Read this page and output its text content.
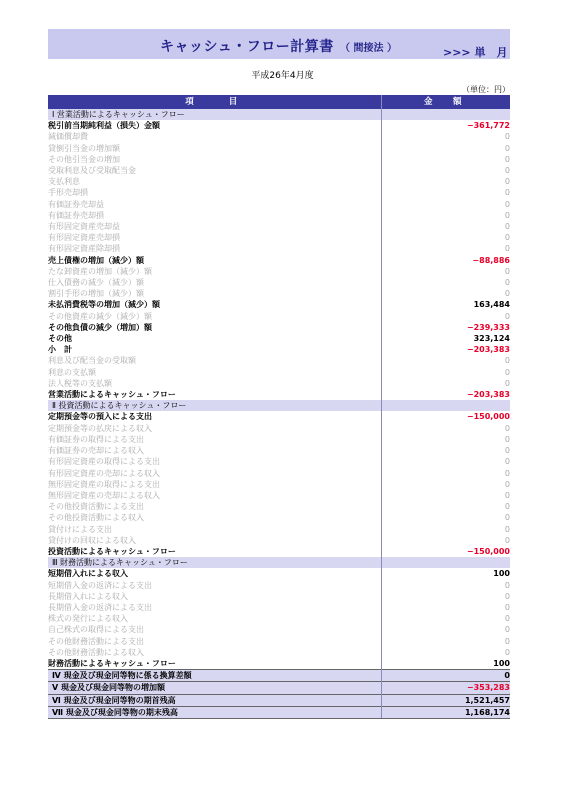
キャッシュ・フロー計算書 （ 間接法 ）	>>> 単　月
平成26年4月度
（単位：円）
項　　目	金　額
Ⅰ 営業活動によるキャッシュ・フロー	
税引前当期純利益（損失）金額	−361,772
減価償却費	0
貸倒引当金の増加額	0
その他引当金の増加	0
受取利息及び受取配当金	0
支払利息	0
手形売却損	0
有価証券売却益	0
有価証券売却損	0
有形固定資産売却益	0
有形固定資産売却損	0
有形固定資産除却損	0
売上債権の増加（減少）額	−88,886
たな卸資産の増加（減少）額	0
仕入債務の減少（減少）額	0
割引手形の増加（減少）額	0
未払消費税等の増加（減少）額	163,484
その他資産の減少（減少）額	0
その他負債の減少（増加）額	−239,333
その他	323,124
小　計	−203,383
利息及び配当金の受取額	0
利息の支払額	0
法人税等の支払額	0
営業活動によるキャッシュ・フロー	−203,383
Ⅱ 投資活動によるキャッシュ・フロー	
定期預金等の預入による支出	−150,000
定期預金等の払戻による収入	0
有価証券の取得による支出	0
有価証券の売却による収入	0
有形固定資産の取得による支出	0
有形固定資産の売却による収入	0
無形固定資産の取得による支出	0
無形固定資産の売却による収入	0
その他投資活動による支出	0
その他投資活動による収入	0
貸付けによる支出	0
貸付けの回収による収入	0
投資活動によるキャッシュ・フロー	−150,000
Ⅲ 財務活動によるキャッシュ・フロー	
短期借入れによる収入	100
短期借入金の返済による支出	0
長期借入れによる収入	0
長期借入金の返済による支出	0
株式の発行による収入	0
自己株式の取得による支出	0
その他財務活動による支出	0
その他財務活動による収入	0
財務活動によるキャッシュ・フロー	100
Ⅳ 現金及び現金同等物に係る換算差額	0
Ⅴ 現金及び現金同等物の増加額	−353,283
Ⅵ 現金及び現金同等物の期首残高	1,521,457
Ⅶ 現金及び現金同等物の期末残高	1,168,174
